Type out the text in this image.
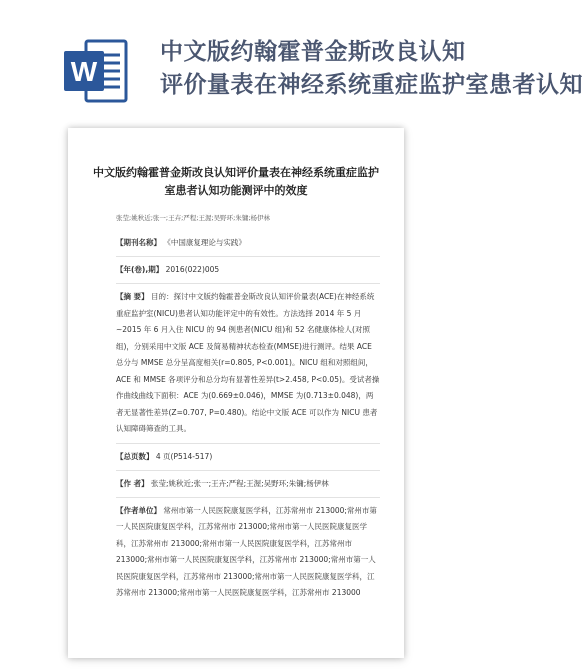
W
中文版约翰霍普金斯改良认知
评价量表在神经系统重症监护室患者认知
中文版约翰霍普金斯改良认知评价量表在神经系统重症监护室患者认知功能测评中的效度
张莹;姚秋近;张一;王卉;严程;王渥;吴野环;朱镛;杨伊林
【期刊名称】 《中国康复理论与实践》
【年(卷),期】 2016(022)005
【摘 要】 目的：探讨中文版约翰霍普金斯改良认知评价量表(ACE)在神经系统重症监护室(NICU)患者认知功能评定中的有效性。方法选择 2014 年 5 月~2015 年 6 月入住 NICU 的 94 例患者(NICU 组)和 52 名健康体检人(对照组)，分别采用中文版 ACE 及简易精神状态检查(MMSE)进行测评。结果 ACE 总分与 MMSE 总分呈高度相关(r=0.805, P<0.001)。NICU 组和对照组间，ACE 和 MMSE 各项评分和总分均有显著性差异(t>2.458, P<0.05)。受试者操作曲线曲线下面积：ACE 为(0.669±0.046)，MMSE 为(0.713±0.048)，两者无显著性差异(Z=0.707, P=0.480)。结论中文版 ACE 可以作为 NICU 患者认知障碍筛查的工具。
【总页数】 4 页(P514-517)
【作 者】 张莹;姚秋近;张一;王卉;严程;王渥;吴野环;朱镛;杨伊林
【作者单位】 常州市第一人民医院康复医学科，江苏常州市 213000;常州市第一人民医院康复医学科，江苏常州市 213000;常州市第一人民医院康复医学科，江苏常州市 213000;常州市第一人民医院康复医学科，江苏常州市 213000;常州市第一人民医院康复医学科，江苏常州市 213000;常州市第一人民医院康复医学科，江苏常州市 213000;常州市第一人民医院康复医学科，江苏常州市 213000;常州市第一人民医院康复医学科，江苏常州市 213000
